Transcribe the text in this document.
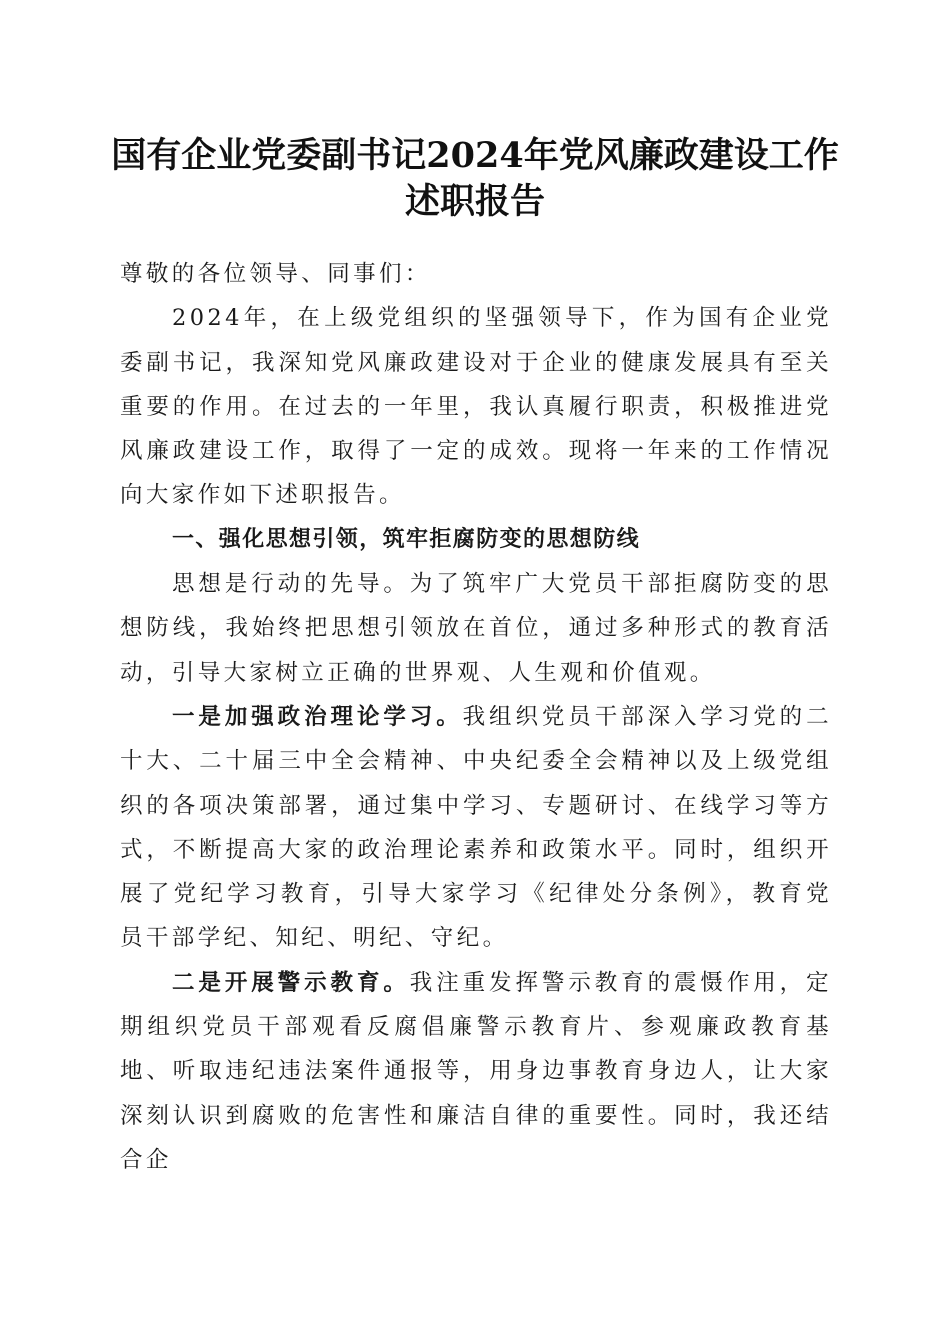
国有企业党委副书记2024年党风廉政建设工作述职报告

尊敬的各位领导、同事们：

2024年，在上级党组织的坚强领导下，作为国有企业党委副书记，我深知党风廉政建设对于企业的健康发展具有至关重要的作用。在过去的一年里，我认真履行职责，积极推进党风廉政建设工作，取得了一定的成效。现将一年来的工作情况向大家作如下述职报告。

一、强化思想引领，筑牢拒腐防变的思想防线

思想是行动的先导。为了筑牢广大党员干部拒腐防变的思想防线，我始终把思想引领放在首位，通过多种形式的教育活动，引导大家树立正确的世界观、人生观和价值观。

一是加强政治理论学习。我组织党员干部深入学习党的二十大、二十届三中全会精神、中央纪委全会精神以及上级党组织的各项决策部署，通过集中学习、专题研讨、在线学习等方式，不断提高大家的政治理论素养和政策水平。同时，组织开展了党纪学习教育，引导大家学习《纪律处分条例》，教育党员干部学纪、知纪、明纪、守纪。

二是开展警示教育。我注重发挥警示教育的震慑作用，定期组织党员干部观看反腐倡廉警示教育片、参观廉政教育基地、听取违纪违法案件通报等，用身边事教育身边人，让大家深刻认识到腐败的危害性和廉洁自律的重要性。同时，我还结合企
